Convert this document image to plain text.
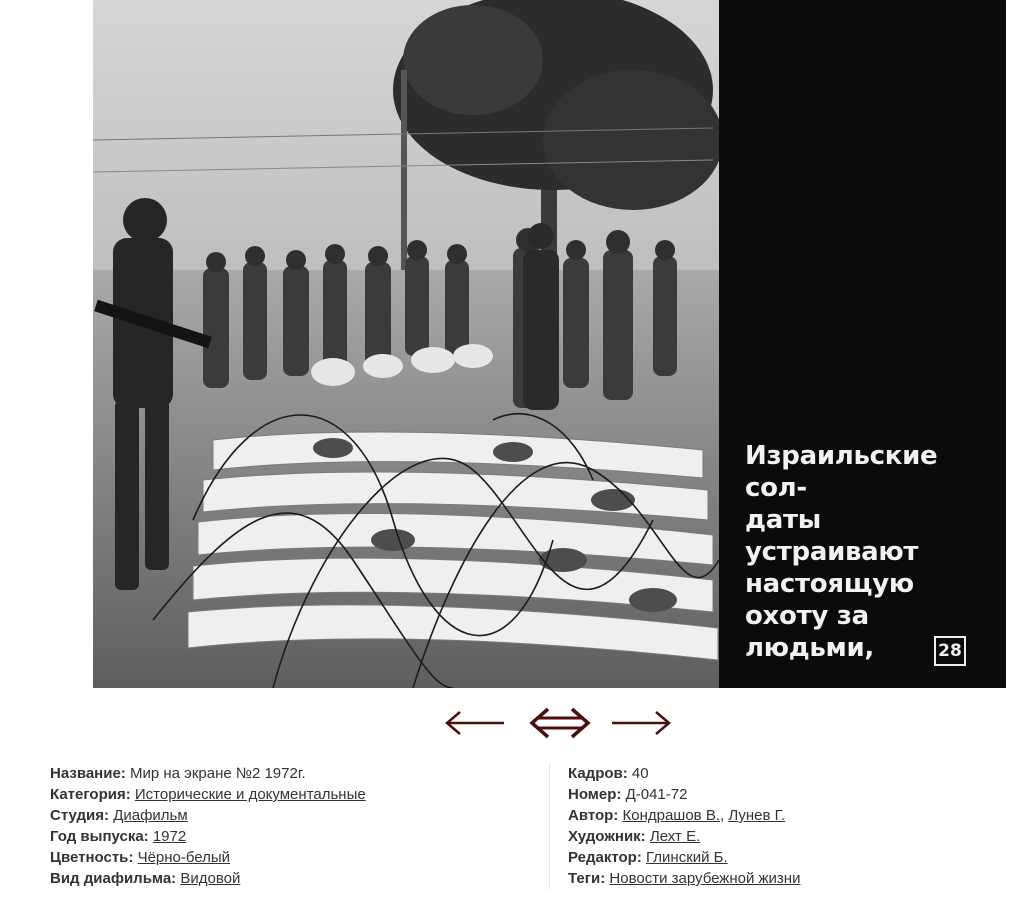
Израильские сол-
даты устраивают
настоящую
охоту за людьми,	28
Название: Мир на экране №2 1972г.
Категория: Исторические и документальные
Студия: Диафильм
Год выпуска: 1972
Цветность: Чёрно-белый
Вид диафильма: Видовой
Кадров: 40
Номер: Д-041-72
Автор: Кондрашов В., Лунев Г.
Художник: Лехт Е.
Редактор: Глинский Б.
Теги: Новости зарубежной жизни
